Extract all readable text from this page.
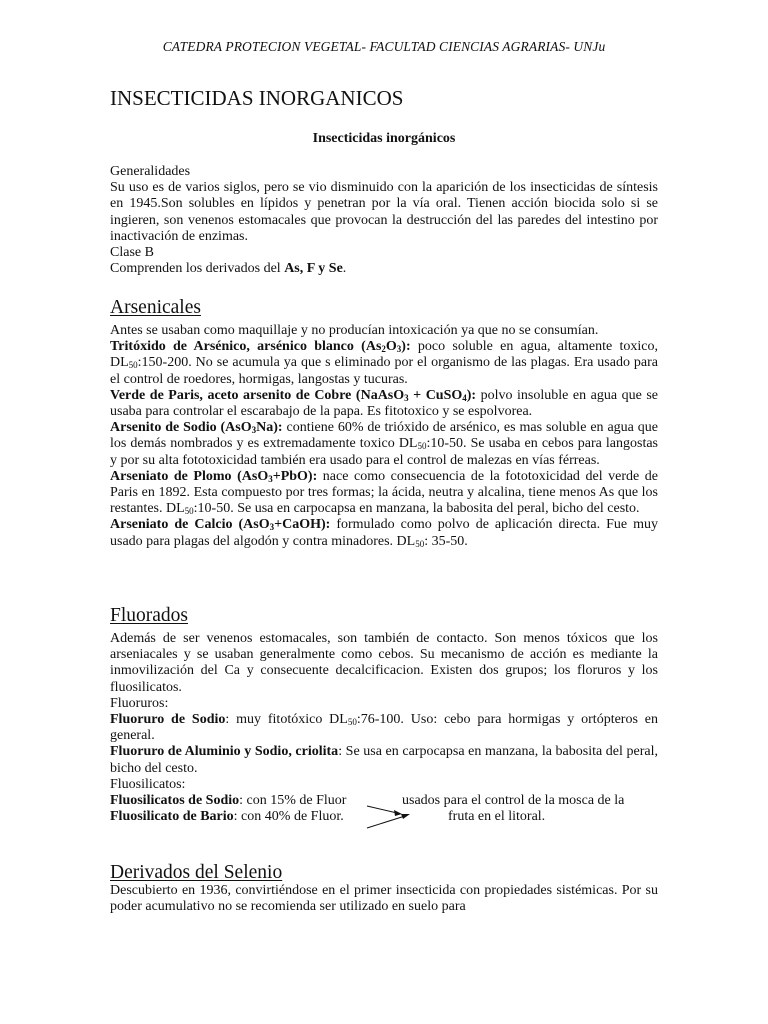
CATEDRA PROTECION VEGETAL- FACULTAD CIENCIAS AGRARIAS- UNJu
INSECTICIDAS INORGANICOS
Insecticidas inorgánicos

Generalidades

Su uso es de varios siglos, pero se vio disminuido con la aparición de los insecticidas de síntesis en 1945.Son solubles en lípidos y penetran por la vía oral. Tienen acción biocida solo si se ingieren, son venenos estomacales que provocan la destrucción del las paredes del intestino por inactivación de enzimas.

Clase B

Comprenden los derivados del As, F y Se.

Arsenicales

Antes se usaban como maquillaje y no producían intoxicación ya que no se consumían.

Tritóxido de Arsénico, arsénico blanco $(As_2O_3)$: poco soluble en agua, altamente toxico, $DL_{50}:150-200$. No se acumula ya que s eliminado por el organismo de las plagas. Era usado para el control de roedores, hormigas, langostas y tucuras.

Verde de Paris, aceto arsenito de Cobre (NaAsO$_3$ + CuSO$_4$): polvo insoluble en agua que se usaba para controlar el escarabajo de la papa. Es fitotoxico y se espolvorea.

Arsenito de Sodio (AsO$_3$Na): contiene 60% de trióxido de arsénico, es mas soluble en agua que los demás nombrados y es extremadamente toxico $DL_{50}:10-50$. Se usaba en cebos para langostas y por su alta fototoxicidad también era usado para el control de malezas en vías férreas.

Arseniato de Plomo (AsO$_3$+PbO): nace como consecuencia de la fototoxicidad del verde de Paris en 1892. Esta compuesto por tres formas; la ácida, neutra y alcalina, tiene menos As que los restantes. $DL_{50}:10-50$. Se usa en carpocapsa en manzana, la babosita del peral, bicho del cesto.

Arseniato de Calcio (AsO$_3$+CaOH): formulado como polvo de aplicación directa. Fue muy usado para plagas del algodón y contra minadores. $DL_{50}$: 35-50.

Fluorados

Además de ser venenos estomacales, son también de contacto. Son menos tóxicos que los arseniacales y se usaban generalmente como cebos. Su mecanismo de acción es mediante la inmovilización del Ca y consecuente decalcificacion. Existen dos grupos; los floruros y los fluosilicatos.

Fluoruros:

Fluoruro de Sodio: muy fitotóxico $DL_{50}:76-100$. Uso: cebo para hormigas y ortópteros en general.

Fluoruro de Aluminio y Sodio, criolita: Se usa en carpocapsa en manzana, la babosita del peral, bicho del cesto.

Fluosilicatos:

Fluosilicatos de Sodio: con 15% de Fluor	usados para el control de la mosca de la

Fluosilicato de Bario: con 40% de Fluor.	fruta en el litoral.

Derivados del Selenio

Descubierto en 1936, convirtiéndose en el primer insecticida con propiedades sistémicas. Por su poder acumulativo no se recomienda ser utilizado en suelo para
